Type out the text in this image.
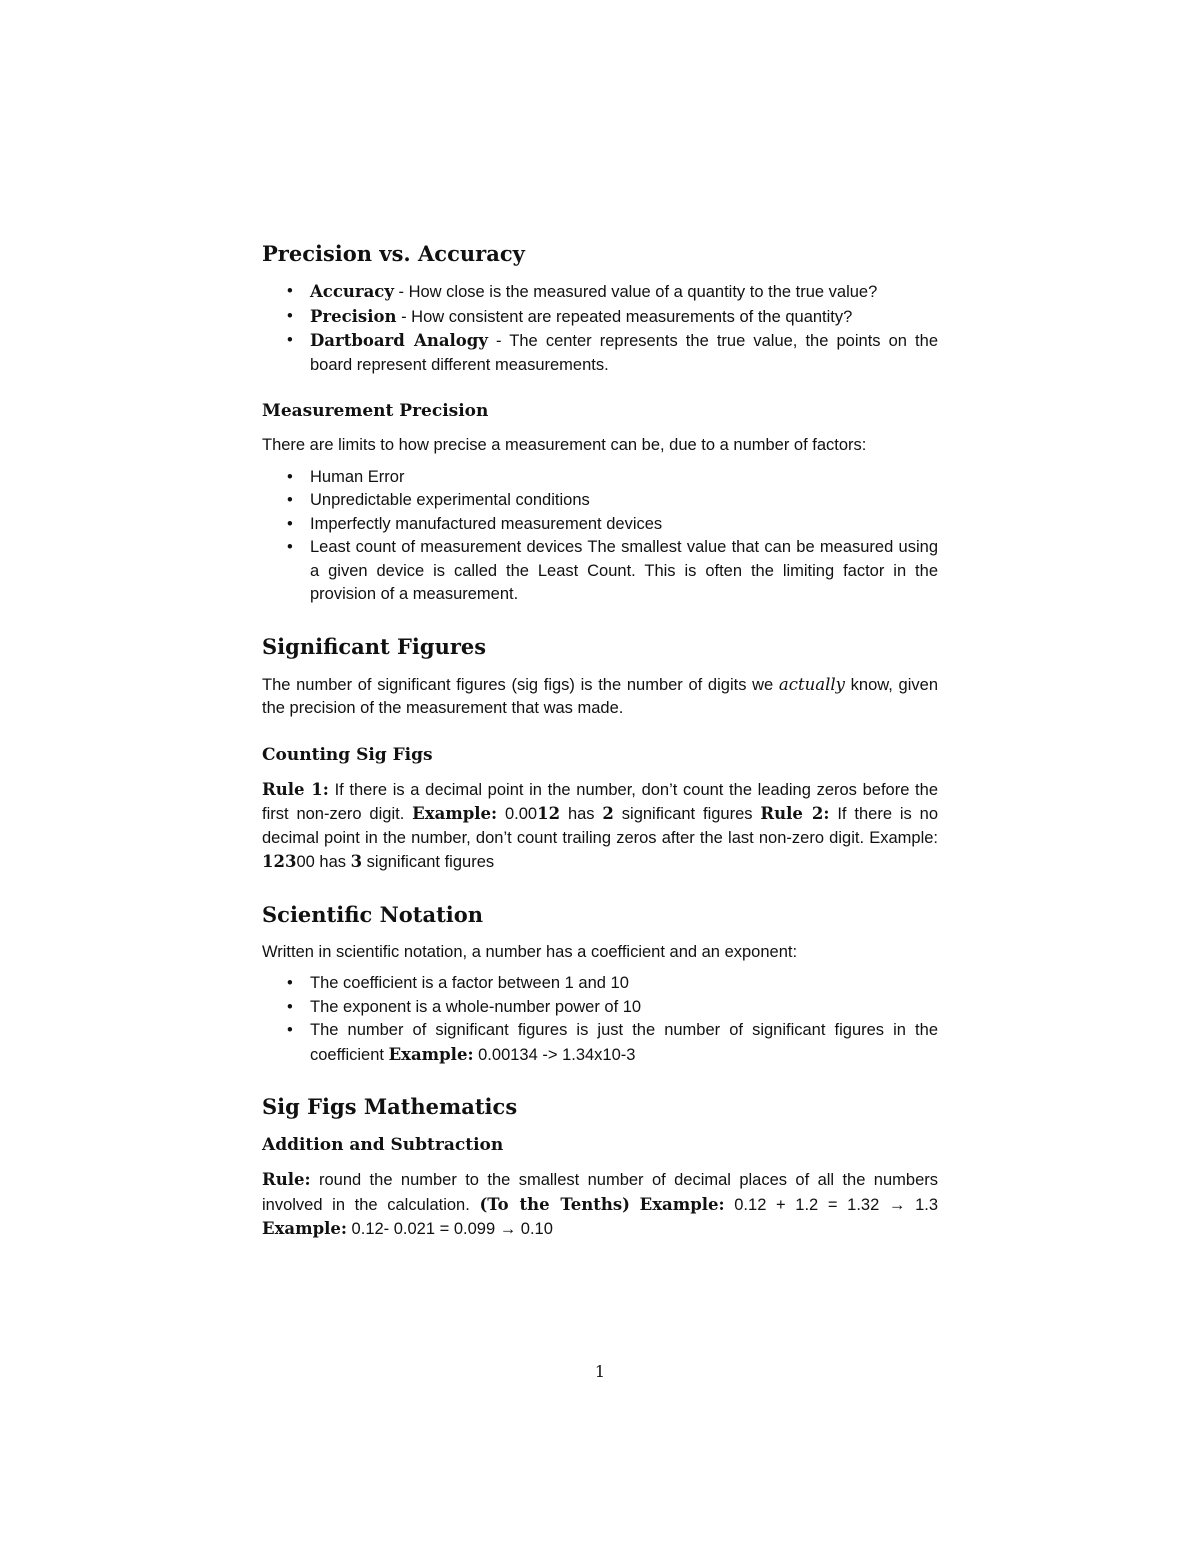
Precision vs. Accuracy
• Accuracy - How close is the measured value of a quantity to the true value?
• Precision - How consistent are repeated measurements of the quantity?
• Dartboard Analogy - The center represents the true value, the points on the board represent different measurements.
Measurement Precision

There are limits to how precise a measurement can be, due to a number of factors:

• Human Error
• Unpredictable experimental conditions
• Imperfectly manufactured measurement devices
• Least count of measurement devices The smallest value that can be measured using a given device is called the Least Count. This is often the limiting factor in the provision of a measurement.
Significant Figures

The number of significant figures (sig figs) is the number of digits we actually know, given the precision of the measurement that was made.

Counting Sig Figs

Rule 1: If there is a decimal point in the number, don’t count the leading zeros before the first non-zero digit. Example: 0.0012 has 2 significant figures Rule 2: If there is no decimal point in the number, don’t count trailing zeros after the last non-zero digit. Example: 12300 has 3 significant figures

Scientific Notation

Written in scientific notation, a number has a coefficient and an exponent:

• The coefficient is a factor between 1 and 10
• The exponent is a whole-number power of 10
• The number of significant figures is just the number of significant figures in the coefficient Example: 0.00134 -> 1.34x10-3
Sig Figs Mathematics
Addition and Subtraction

Rule: round the number to the smallest number of decimal places of all the numbers involved in the calculation. (To the Tenths) Example: 0.12 + 1.2 = 1.32 → 1.3 Example: 0.12- 0.021 = 0.099 → 0.10

1
